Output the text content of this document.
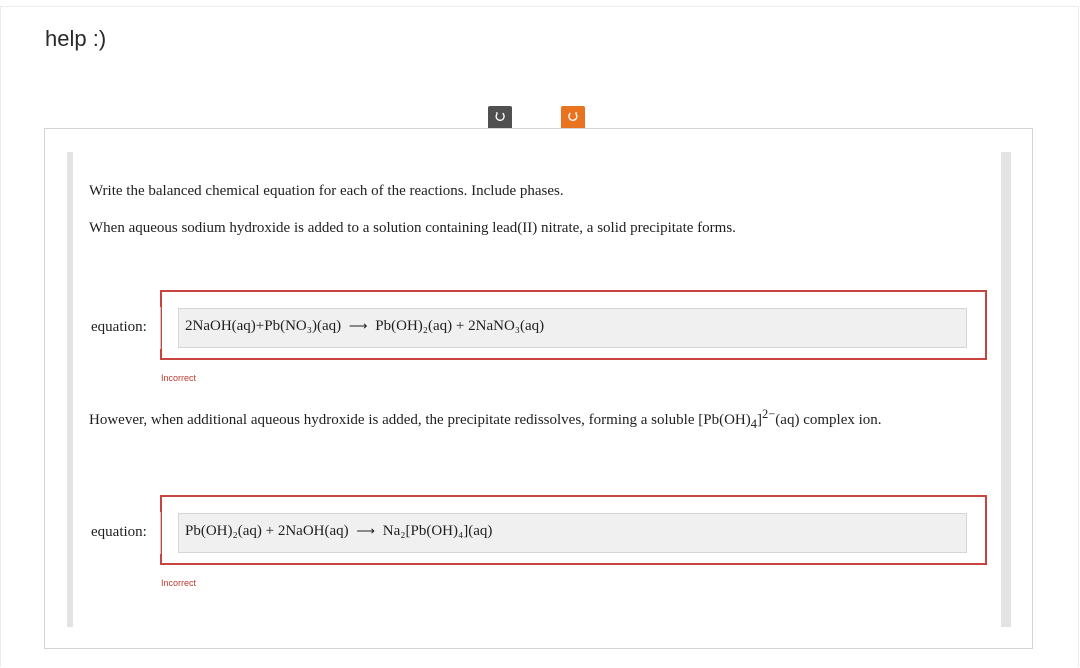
help :)
Write the balanced chemical equation for each of the reactions. Include phases.
When aqueous sodium hydroxide is added to a solution containing lead(II) nitrate, a solid precipitate forms.
equation:	2NaOH(aq)+Pb(NO₃)(aq) ⟶ Pb(OH)₂(aq) + 2NaNO₃(aq)
Incorrect
However, when additional aqueous hydroxide is added, the precipitate redissolves, forming a soluble $[Pb(OH)_4]^{2-}(aq)$ complex ion.
equation:	Pb(OH)₂(aq) + 2NaOH(aq) ⟶ Na₂[Pb(OH)₄](aq)
Incorrect
